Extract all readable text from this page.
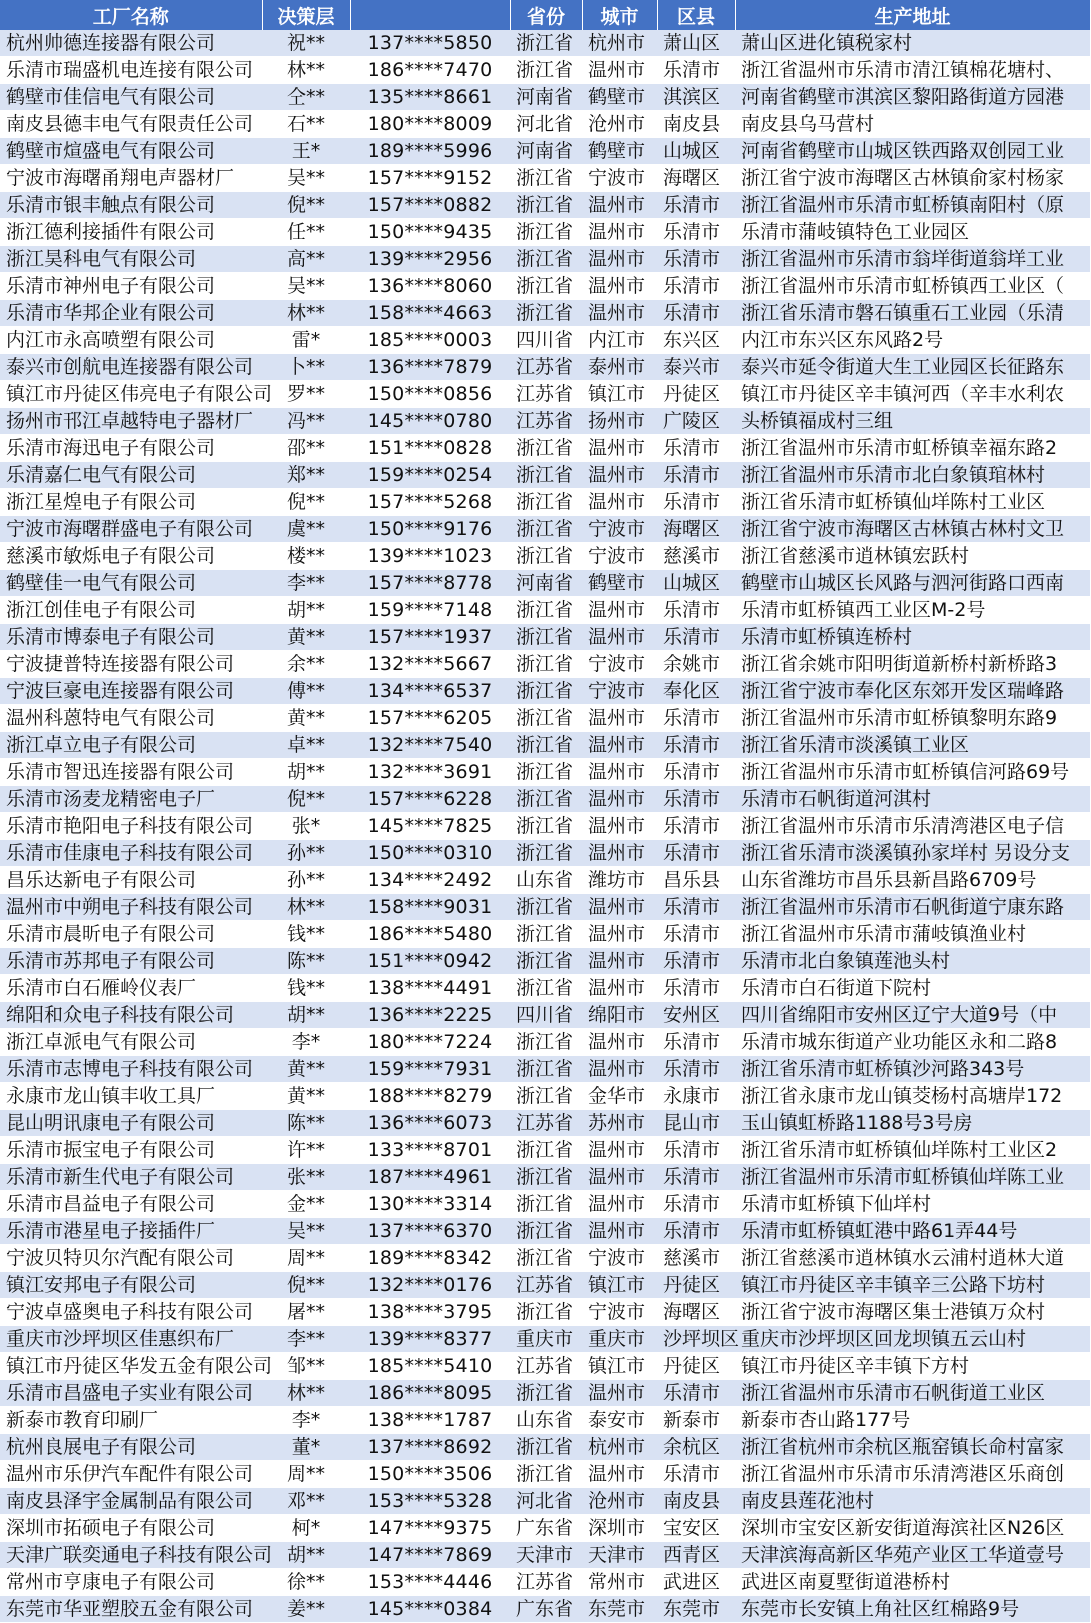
工厂名称	决策层		省份	城市	区县	生产地址
杭州帅德连接器有限公司	祝**	137****5850	浙江省	杭州市	萧山区	萧山区进化镇税家村
乐清市瑞盛机电连接有限公司	林**	186****7470	浙江省	温州市	乐清市	浙江省温州市乐清市清江镇棉花塘村、
鹤壁市佳信电气有限公司	仝**	135****8661	河南省	鹤壁市	淇滨区	河南省鹤壁市淇滨区黎阳路街道方园港
南皮县德丰电气有限责任公司	石**	180****8009	河北省	沧州市	南皮县	南皮县乌马营村
鹤壁市煊盛电气有限公司	王*	189****5996	河南省	鹤壁市	山城区	河南省鹤壁市山城区铁西路双创园工业
宁波市海曙甬翔电声器材厂	吴**	157****9152	浙江省	宁波市	海曙区	浙江省宁波市海曙区古林镇俞家村杨家
乐清市银丰触点有限公司	倪**	157****0882	浙江省	温州市	乐清市	浙江省温州市乐清市虹桥镇南阳村（原
浙江德利接插件有限公司	任**	150****9435	浙江省	温州市	乐清市	乐清市蒲岐镇特色工业园区
浙江昊科电气有限公司	高**	139****2956	浙江省	温州市	乐清市	浙江省温州市乐清市翁垟街道翁垟工业
乐清市神州电子有限公司	吴**	136****8060	浙江省	温州市	乐清市	浙江省温州市乐清市虹桥镇西工业区（
乐清市华邦企业有限公司	林**	158****4663	浙江省	温州市	乐清市	浙江省乐清市磐石镇重石工业园（乐清
内江市永高喷塑有限公司	雷*	185****0003	四川省	内江市	东兴区	内江市东兴区东风路2号
泰兴市创航电连接器有限公司	卜**	136****7879	江苏省	泰州市	泰兴市	泰兴市延令街道大生工业园区长征路东
镇江市丹徒区伟亮电子有限公司	罗**	150****0856	江苏省	镇江市	丹徒区	镇江市丹徒区辛丰镇河西（辛丰水利农
扬州市邗江卓越特电子器材厂	冯**	145****0780	江苏省	扬州市	广陵区	头桥镇福成村三组
乐清市海迅电子有限公司	邵**	151****0828	浙江省	温州市	乐清市	浙江省温州市乐清市虹桥镇幸福东路2
乐清嘉仁电气有限公司	郑**	159****0254	浙江省	温州市	乐清市	浙江省温州市乐清市北白象镇琯林村
浙江星煌电子有限公司	倪**	157****5268	浙江省	温州市	乐清市	浙江省乐清市虹桥镇仙垟陈村工业区
宁波市海曙群盛电子有限公司	虞**	150****9176	浙江省	宁波市	海曙区	浙江省宁波市海曙区古林镇古林村文卫
慈溪市敏烁电子有限公司	楼**	139****1023	浙江省	宁波市	慈溪市	浙江省慈溪市逍林镇宏跃村
鹤壁佳一电气有限公司	李**	157****8778	河南省	鹤壁市	山城区	鹤壁市山城区长风路与泗河街路口西南
浙江创佳电子有限公司	胡**	159****7148	浙江省	温州市	乐清市	乐清市虹桥镇西工业区M-2号
乐清市博泰电子有限公司	黄**	157****1937	浙江省	温州市	乐清市	乐清市虹桥镇连桥村
宁波捷普特连接器有限公司	余**	132****5667	浙江省	宁波市	余姚市	浙江省余姚市阳明街道新桥村新桥路3
宁波巨豪电连接器有限公司	傅**	134****6537	浙江省	宁波市	奉化区	浙江省宁波市奉化区东郊开发区瑞峰路
温州科蒽特电气有限公司	黄**	157****6205	浙江省	温州市	乐清市	浙江省温州市乐清市虹桥镇黎明东路9
浙江卓立电子有限公司	卓**	132****7540	浙江省	温州市	乐清市	浙江省乐清市淡溪镇工业区
乐清市智迅连接器有限公司	胡**	132****3691	浙江省	温州市	乐清市	浙江省温州市乐清市虹桥镇信河路69号
乐清市汤麦龙精密电子厂	倪**	157****6228	浙江省	温州市	乐清市	乐清市石帆街道河淇村
乐清市艳阳电子科技有限公司	张*	145****7825	浙江省	温州市	乐清市	浙江省温州市乐清市乐清湾港区电子信
乐清市佳康电子科技有限公司	孙**	150****0310	浙江省	温州市	乐清市	浙江省乐清市淡溪镇孙家垟村 另设分支
昌乐达新电子有限公司	孙**	134****2492	山东省	潍坊市	昌乐县	山东省潍坊市昌乐县新昌路6709号
温州市中朔电子科技有限公司	林**	158****9031	浙江省	温州市	乐清市	浙江省温州市乐清市石帆街道宁康东路
乐清市晨昕电子有限公司	钱**	186****5480	浙江省	温州市	乐清市	浙江省温州市乐清市蒲岐镇渔业村
乐清市苏邦电子有限公司	陈**	151****0942	浙江省	温州市	乐清市	乐清市北白象镇莲池头村
乐清市白石雁岭仪表厂	钱**	138****4491	浙江省	温州市	乐清市	乐清市白石街道下院村
绵阳和众电子科技有限公司	胡**	136****2225	四川省	绵阳市	安州区	四川省绵阳市安州区辽宁大道9号（中
浙江卓派电气有限公司	李*	180****7224	浙江省	温州市	乐清市	乐清市城东街道产业功能区永和二路8
乐清市志博电子科技有限公司	黄**	159****7931	浙江省	温州市	乐清市	浙江省乐清市虹桥镇沙河路343号
永康市龙山镇丰收工具厂	黄**	188****8279	浙江省	金华市	永康市	浙江省永康市龙山镇茭杨村高塘岸172
昆山明讯康电子有限公司	陈**	136****6073	江苏省	苏州市	昆山市	玉山镇虹桥路1188号3号房
乐清市振宝电子有限公司	许**	133****8701	浙江省	温州市	乐清市	浙江省乐清市虹桥镇仙垟陈村工业区2
乐清市新生代电子有限公司	张**	187****4961	浙江省	温州市	乐清市	浙江省温州市乐清市虹桥镇仙垟陈工业
乐清市昌益电子有限公司	金**	130****3314	浙江省	温州市	乐清市	乐清市虹桥镇下仙垟村
乐清市港星电子接插件厂	吴**	137****6370	浙江省	温州市	乐清市	乐清市虹桥镇虹港中路61弄44号
宁波贝特贝尔汽配有限公司	周**	189****8342	浙江省	宁波市	慈溪市	浙江省慈溪市逍林镇水云浦村逍林大道
镇江安邦电子有限公司	倪**	132****0176	江苏省	镇江市	丹徒区	镇江市丹徒区辛丰镇辛三公路下坊村
宁波卓盛奥电子科技有限公司	屠**	138****3795	浙江省	宁波市	海曙区	浙江省宁波市海曙区集士港镇万众村
重庆市沙坪坝区佳惠织布厂	李**	139****8377	重庆市	重庆市	沙坪坝区	重庆市沙坪坝区回龙坝镇五云山村
镇江市丹徒区华发五金有限公司	邹**	185****5410	江苏省	镇江市	丹徒区	镇江市丹徒区辛丰镇下方村
乐清市昌盛电子实业有限公司	林**	186****8095	浙江省	温州市	乐清市	浙江省温州市乐清市石帆街道工业区
新泰市教育印刷厂	李*	138****1787	山东省	泰安市	新泰市	新泰市杏山路177号
杭州良展电子有限公司	董*	137****8692	浙江省	杭州市	余杭区	浙江省杭州市余杭区瓶窑镇长命村富家
温州市乐伊汽车配件有限公司	周**	150****3506	浙江省	温州市	乐清市	浙江省温州市乐清市乐清湾港区乐商创
南皮县泽宇金属制品有限公司	邓**	153****5328	河北省	沧州市	南皮县	南皮县莲花池村
深圳市拓硕电子有限公司	柯*	147****9375	广东省	深圳市	宝安区	深圳市宝安区新安街道海滨社区N26区
天津广联奕通电子科技有限公司	胡**	147****7869	天津市	天津市	西青区	天津滨海高新区华苑产业区工华道壹号
常州市亨康电子有限公司	徐**	153****4446	江苏省	常州市	武进区	武进区南夏墅街道港桥村
东莞市华亚塑胶五金有限公司	姜**	145****0384	广东省	东莞市	东莞市	东莞市长安镇上角社区红棉路9号
